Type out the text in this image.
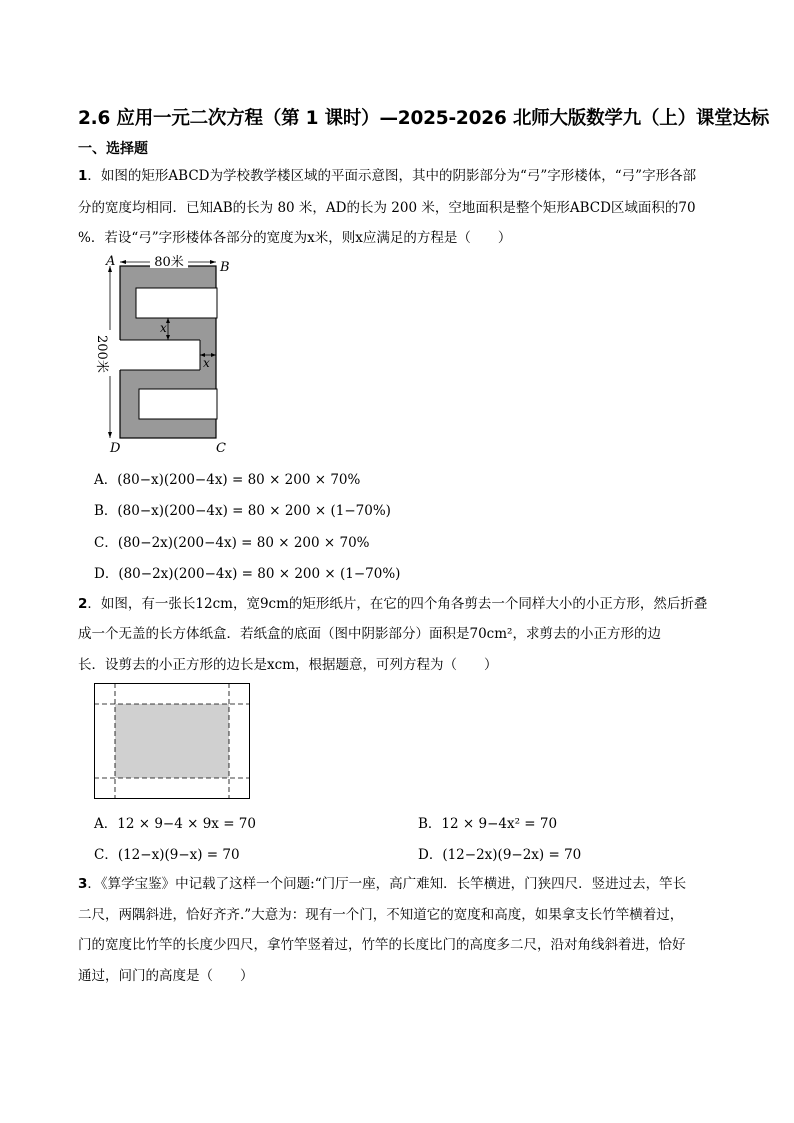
2.6 应用一元二次方程（第 1 课时）—2025-2026 北师大版数学九（上）课堂达标
一、选择题
1．如图的矩形ABCD为学校教学楼区域的平面示意图，其中的阴影部分为“弓”字形楼体，“弓”字形各部
分的宽度均相同．已知AB的长为 80 米，AD的长为 200 米，空地面积是整个矩形ABCD区域面积的70
%．若设“弓”字形楼体各部分的宽度为x米，则x应满足的方程是（　　）
80米
200米
x
x
A	B
C
D
A．(80−x)(200−4x) = 80 × 200 × 70%
B．(80−x)(200−4x) = 80 × 200 × (1−70%)
C．(80−2x)(200−4x) = 80 × 200 × 70%
D．(80−2x)(200−4x) = 80 × 200 × (1−70%)
2．如图，有一张长12cm，宽9cm的矩形纸片，在它的四个角各剪去一个同样大小的小正方形，然后折叠
成一个无盖的长方体纸盒．若纸盒的底面（图中阴影部分）面积是70cm²，求剪去的小正方形的边
长．设剪去的小正方形的边长是xcm，根据题意，可列方程为（　　）
A．12 × 9−4 × 9x = 70	B．12 × 9−4x² = 70
C．(12−x)(9−x) = 70	D．(12−2x)(9−2x) = 70
3．《算学宝鉴》中记载了这样一个问题:“门厅一座，高广难知．长竿横进，门狭四尺．竖进过去，竿长
二尺，两隅斜进，恰好齐齐.”大意为：现有一个门，不知道它的宽度和高度，如果拿支长竹竿横着过，
门的宽度比竹竿的长度少四尺，拿竹竿竖着过，竹竿的长度比门的高度多二尺，沿对角线斜着进，恰好
通过，问门的高度是（　　）
